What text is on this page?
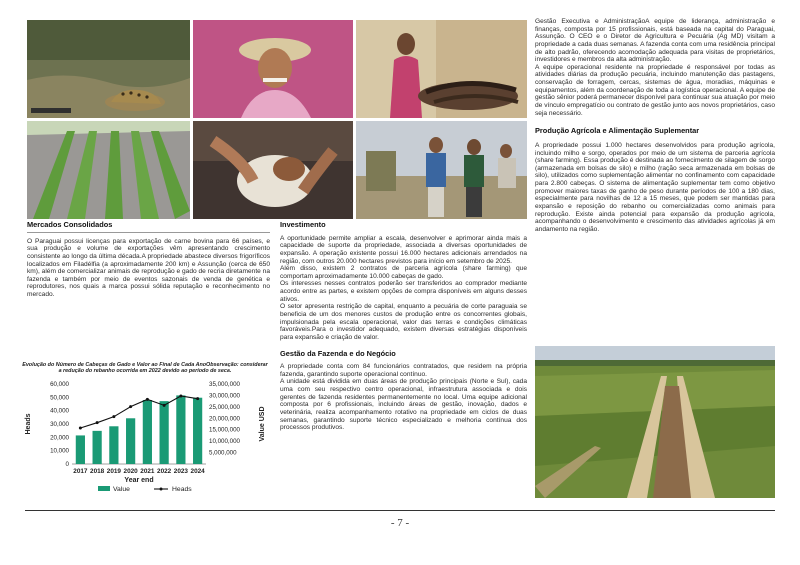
Mercados Consolidados

O Paraguai possui licenças para exportação de carne bovina para 66 países, e sua produção e volume de exportações vêm apresentando crescimento consistente ao longo da última década.A propriedade abastece diversos frigoríficos localizados em Filadélfia (a aproximadamente 200 km) e Assunção (cerca de 650 km), além de comercializar animais de reprodução e gado de recria diretamente na fazenda e também por meio de eventos sazonais de venda de genética e reprodutores, nos quais a marca possui sólida reputação e reconhecimento no mercado.

Evolução do Número de Cabeças de Gado e Valor ao Final de Cada AnoObservação: considerar a redução do rebanho ocorrida em 2022 devido ao período de seca.
0
10,000
20,000
30,000
40,000
50,000
60,000
5,000,000
10,000,000
15,000,000
20,000,000
25,000,000
30,000,000
35,000,000
2017 2018 2019 2020 2021 2022 2023 2024
Year end
Heads	Value USD
Value	Heads
Investimento

A oportunidade permite ampliar a escala, desenvolver e aprimorar ainda mais a capacidade de suporte da propriedade, associada a diversas oportunidades de expansão. A operação existente possui 16.000 hectares adicionais arrendados na região, com outros 20.000 hectares previstos para início em setembro de 2025.

Além disso, existem 2 contratos de parceria agrícola (share farming) que comportam aproximadamente 10.000 cabeças de gado.

Os interesses nesses contratos poderão ser transferidos ao comprador mediante acordo entre as partes, e existem opções de compra disponíveis em alguns desses ativos.

O setor apresenta restrição de capital, enquanto a pecuária de corte paraguaia se beneficia de um dos menores custos de produção entre os concorrentes globais, impulsionada pela escala operacional, valor das terras e condições climáticas favoráveis.Para o investidor adequado, existem diversas estratégias disponíveis para expansão e criação de valor.

Gestão da Fazenda e do Negócio

A propriedade conta com 84 funcionários contratados, que residem na própria fazenda, garantindo suporte operacional contínuo.

A unidade está dividida em duas áreas de produção principais (Norte e Sul), cada uma com seu respectivo centro operacional, infraestrutura associada e dois gerentes de fazenda residentes permanentemente no local. Uma equipe adicional composta por 6 profissionais, incluindo áreas de gestão, inovação, dados e veterinária, realiza acompanhamento rotativo na propriedade em ciclos de duas semanas, garantindo suporte técnico especializado e melhoria contínua dos processos produtivos.

Gestão Executiva e AdministraçãoA equipe de liderança, administração e finanças, composta por 15 profissionais, está baseada na capital do Paraguai, Assunção. O CEO e o Diretor de Agricultura e Pecuária (Ag MD) visitam a propriedade a cada duas semanas. A fazenda conta com uma residência principal de alto padrão, oferecendo acomodação adequada para visitas de proprietários, investidores e membros da alta administração.

A equipe operacional residente na propriedade é responsável por todas as atividades diárias da produção pecuária, incluindo manutenção das pastagens, conservação de forragem, cercas, sistemas de água, moradias, máquinas e equipamentos, além da coordenação de toda a logística operacional. A equipe de gestão sênior poderá permanecer disponível para continuar sua atuação por meio de vínculo empregatício ou contrato de gestão junto aos novos proprietários, caso seja necessário.

Produção Agrícola e Alimentação Suplementar

A propriedade possui 1.000 hectares desenvolvidos para produção agrícola, incluindo milho e sorgo, operados por meio de um sistema de parceria agrícola (share farming). Essa produção é destinada ao fornecimento de silagem de sorgo (armazenada em bolsas de silo) e milho (ração seca armazenada em bolsas de silo), utilizados como suplementação alimentar no confinamento com capacidade para 2.800 cabeças. O sistema de alimentação suplementar tem como objetivo promover maiores taxas de ganho de peso durante períodos de 100 a 180 dias, especialmente para novilhas de 12 a 15 meses, que podem ser mantidas para expansão e reposição do rebanho ou comercializadas como animais para reprodução. Existe ainda potencial para expansão da produção agrícola, acompanhando o desenvolvimento e crescimento das atividades agrícolas já em andamento na região.

- 7 -
